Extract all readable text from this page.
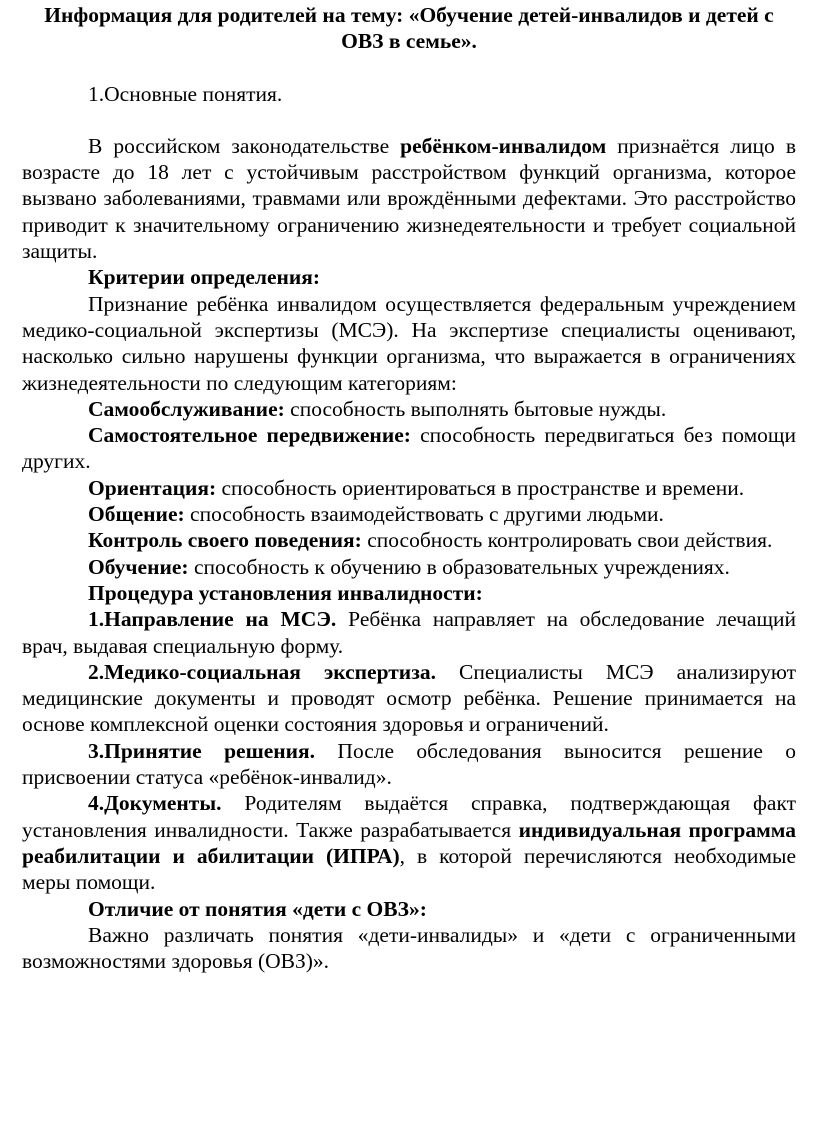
Информация для родителей на тему: «Обучение детей-инвалидов и детей с ОВЗ в семье».

1.Основные понятия.

В российском законодательстве ребёнком-инвалидом признаётся лицо в возрасте до 18 лет с устойчивым расстройством функций организма, которое вызвано заболеваниями, травмами или врождёнными дефектами. Это расстройство приводит к значительному ограничению жизнедеятельности и требует социальной защиты.

Критерии определения:

Признание ребёнка инвалидом осуществляется федеральным учреждением медико-социальной экспертизы (МСЭ). На экспертизе специалисты оценивают, насколько сильно нарушены функции организма, что выражается в ограничениях жизнедеятельности по следующим категориям:

Самообслуживание: способность выполнять бытовые нужды.

Самостоятельное передвижение: способность передвигаться без помощи других.

Ориентация: способность ориентироваться в пространстве и времени.

Общение: способность взаимодействовать с другими людьми.

Контроль своего поведения: способность контролировать свои действия.

Обучение: способность к обучению в образовательных учреждениях.

Процедура установления инвалидности:

1.Направление на МСЭ. Ребёнка направляет на обследование лечащий врач, выдавая специальную форму.

2.Медико-социальная экспертиза. Специалисты МСЭ анализируют медицинские документы и проводят осмотр ребёнка. Решение принимается на основе комплексной оценки состояния здоровья и ограничений.

3.Принятие решения. После обследования выносится решение о присвоении статуса «ребёнок-инвалид».

4.Документы. Родителям выдаётся справка, подтверждающая факт установления инвалидности. Также разрабатывается индивидуальная программа реабилитации и абилитации (ИПРА), в которой перечисляются необходимые меры помощи.

Отличие от понятия «дети с ОВЗ»:

Важно различать понятия «дети-инвалиды» и «дети с ограниченными возможностями здоровья (ОВЗ)».
